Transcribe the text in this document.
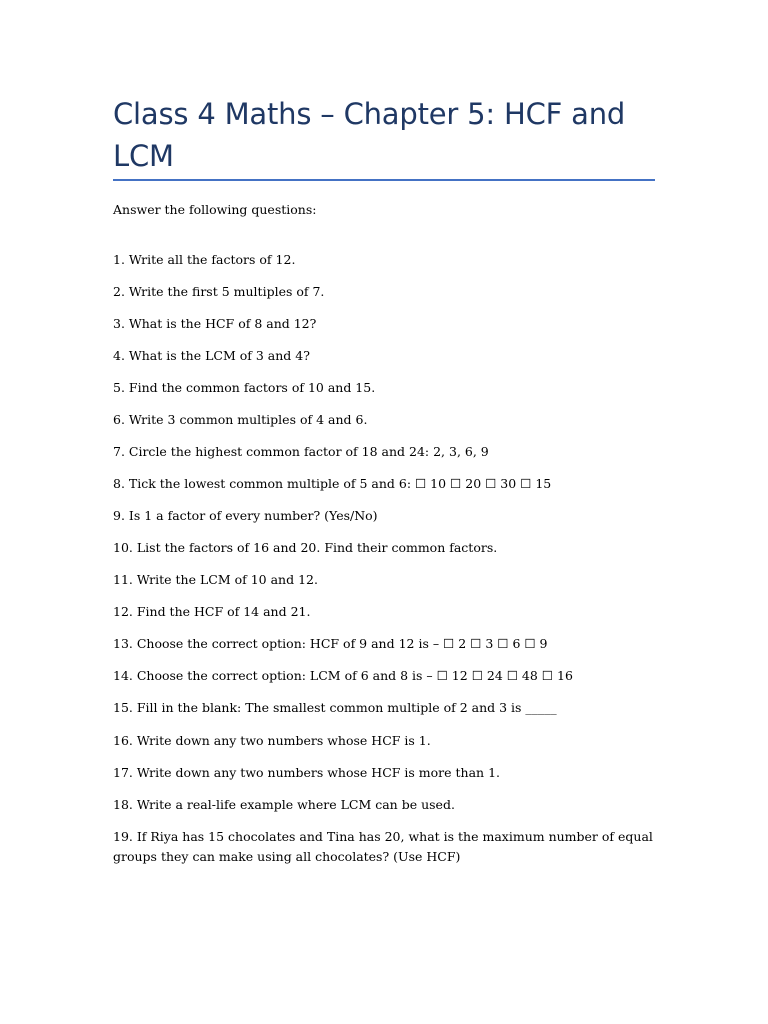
Class 4 Maths – Chapter 5: HCF and LCM

Answer the following questions:

1. Write all the factors of 12.

2. Write the first 5 multiples of 7.

3. What is the HCF of 8 and 12?

4. What is the LCM of 3 and 4?

5. Find the common factors of 10 and 15.

6. Write 3 common multiples of 4 and 6.

7. Circle the highest common factor of 18 and 24: 2, 3, 6, 9

8. Tick the lowest common multiple of 5 and 6: ☐ 10 ☐ 20 ☐ 30 ☐ 15

9. Is 1 a factor of every number? (Yes/No)

10. List the factors of 16 and 20. Find their common factors.

11. Write the LCM of 10 and 12.

12. Find the HCF of 14 and 21.

13. Choose the correct option: HCF of 9 and 12 is – ☐ 2 ☐ 3 ☐ 6 ☐ 9

14. Choose the correct option: LCM of 6 and 8 is – ☐ 12 ☐ 24 ☐ 48 ☐ 16

15. Fill in the blank: The smallest common multiple of 2 and 3 is _____

16. Write down any two numbers whose HCF is 1.

17. Write down any two numbers whose HCF is more than 1.

18. Write a real-life example where LCM can be used.

19. If Riya has 15 chocolates and Tina has 20, what is the maximum number of equal groups they can make using all chocolates? (Use HCF)
